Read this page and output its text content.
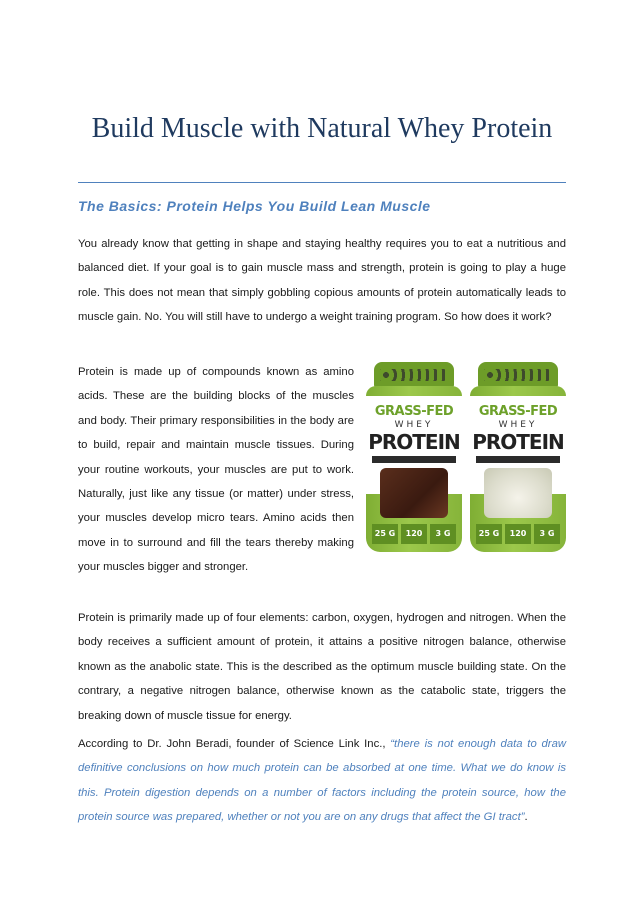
Build Muscle with Natural Whey Protein
The Basics: Protein Helps You Build Lean Muscle

You already know that getting in shape and staying healthy requires you to eat a nutritious and balanced diet. If your goal is to gain muscle mass and strength, protein is going to play a huge role. This does not mean that simply gobbling copious amounts of protein automatically leads to muscle gain. No. You will still have to undergo a weight training program. So how does it work?

Protein is made up of compounds known as amino acids. These are the building blocks of the muscles and body. Their primary responsibilities in the body are to build, repair and maintain muscle tissues. During your routine workouts, your muscles are put to work. Naturally, just like any tissue (or matter) under stress, your muscles develop micro tears. Amino acids then move in to surround and fill the tears thereby making your muscles bigger and stronger.

GRASS-FED
WHEY
PROTEIN
25 G	120	3 G
GRASS-FED
WHEY
PROTEIN
25 G	120	3 G

Protein is primarily made up of four elements: carbon, oxygen, hydrogen and nitrogen. When the body receives a sufficient amount of protein, it attains a positive nitrogen balance, otherwise known as the anabolic state. This is the described as the optimum muscle building state. On the contrary, a negative nitrogen balance, otherwise known as the catabolic state, triggers the breaking down of muscle tissue for energy.

According to Dr. John Beradi, founder of Science Link Inc., “there is not enough data to draw definitive conclusions on how much protein can be absorbed at one time. What we do know is this. Protein digestion depends on a number of factors including the protein source, how the protein source was prepared, whether or not you are on any drugs that affect the GI tract”.
